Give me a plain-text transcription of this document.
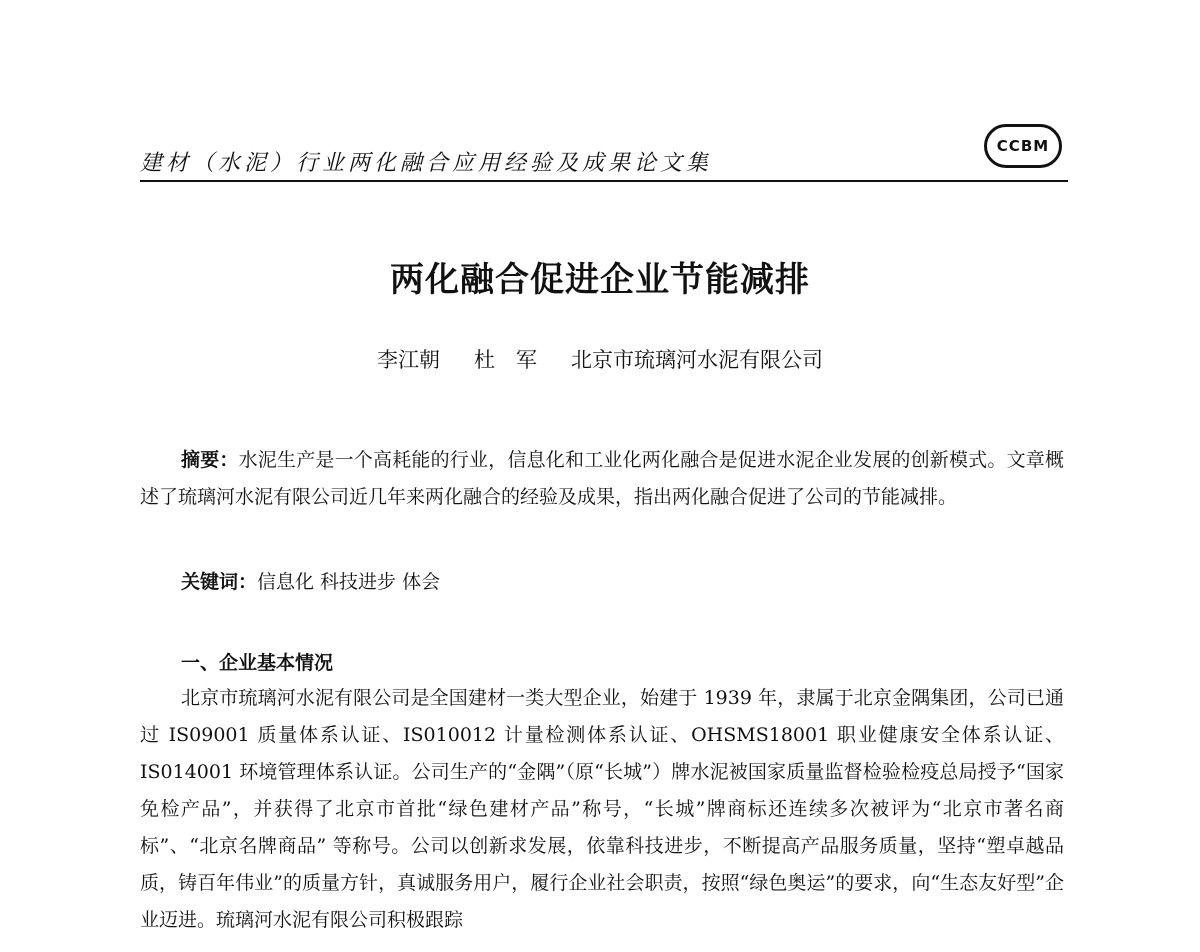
建材（水泥）行业两化融合应用经验及成果论文集
CCBM
两化融合促进企业节能减排
李江朝 杜　军 北京市琉璃河水泥有限公司
摘要：水泥生产是一个高耗能的行业，信息化和工业化两化融合是促进水泥企业发展的创新模式。文章概述了琉璃河水泥有限公司近几年来两化融合的经验及成果，指出两化融合促进了公司的节能减排。
关键词：信息化 科技进步 体会
一、企业基本情况
北京市琉璃河水泥有限公司是全国建材一类大型企业，始建于 1939 年，隶属于北京金隅集团，公司已通过 IS09001 质量体系认证、IS010012 计量检测体系认证、OHSMS18001 职业健康安全体系认证、IS014001 环境管理体系认证。公司生产的“金隅”（原“长城”）牌水泥被国家质量监督检验检疫总局授予“国家免检产品”，并获得了北京市首批“绿色建材产品”称号，“长城”牌商标还连续多次被评为“北京市著名商标”、“北京名牌商品” 等称号。公司以创新求发展，依靠科技进步，不断提高产品服务质量，坚持“塑卓越品质，铸百年伟业”的质量方针，真诚服务用户，履行企业社会职责，按照“绿色奥运”的要求，向“生态友好型”企业迈进。琉璃河水泥有限公司积极跟踪
